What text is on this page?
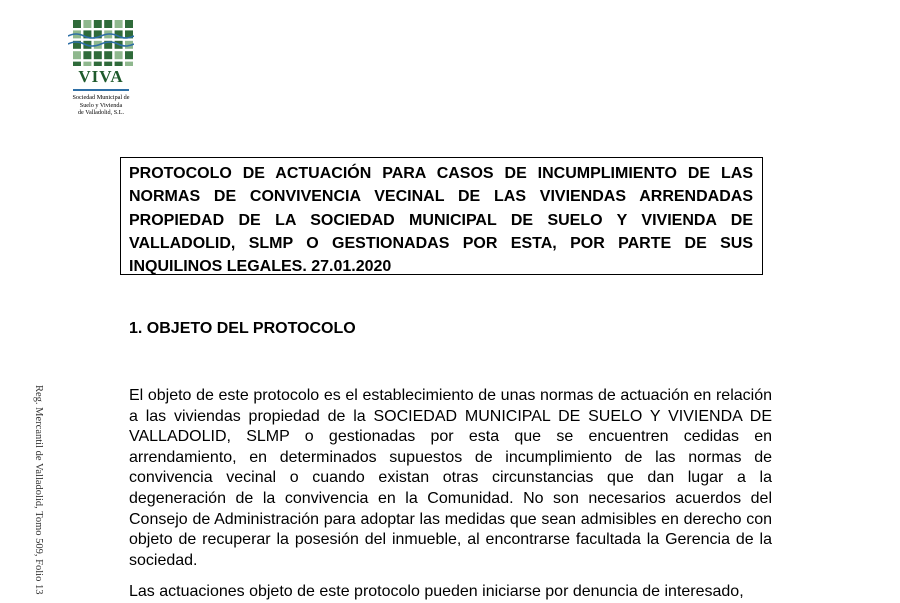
VIVA
Sociedad Municipal de
Suelo y Vivienda
de Valladolid, S.L.
PROTOCOLO DE ACTUACIÓN PARA CASOS DE INCUMPLIMIENTO DE LAS NORMAS DE CONVIVENCIA VECINAL DE LAS VIVIENDAS ARRENDADAS PROPIEDAD DE LA SOCIEDAD MUNICIPAL DE SUELO Y VIVIENDA DE VALLADOLID, SLMP O GESTIONADAS POR ESTA, POR PARTE DE SUS INQUILINOS LEGALES. 27.01.2020
1. OBJETO DEL PROTOCOLO

El objeto de este protocolo es el establecimiento de unas normas de actuación en relación a las viviendas propiedad de la SOCIEDAD MUNICIPAL DE SUELO Y VIVIENDA DE VALLADOLID, SLMP o gestionadas por esta que se encuentren cedidas en arrendamiento, en determinados supuestos de incumplimiento de las normas de convivencia vecinal o cuando existan otras circunstancias que dan lugar a la degeneración de la convivencia en la Comunidad. No son necesarios acuerdos del Consejo de Administración para adoptar las medidas que sean admisibles en derecho con objeto de recuperar la posesión del inmueble, al encontrarse facultada la Gerencia de la sociedad.

Las actuaciones objeto de este protocolo pueden iniciarse por denuncia de interesado,

Reg. Mercantil de Valladolid, Tomo 509, Folio 13
